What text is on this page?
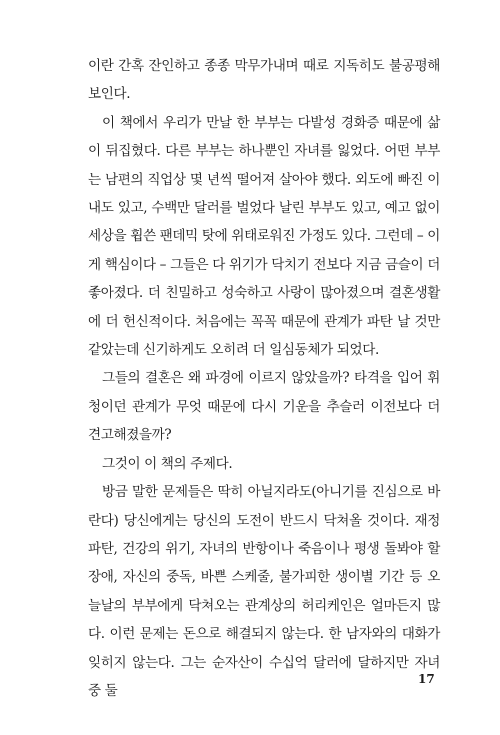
이란 간혹 잔인하고 종종 막무가내며 때로 지독히도 불공평해 보인다.

이 책에서 우리가 만날 한 부부는 다발성 경화증 때문에 삶이 뒤집혔다. 다른 부부는 하나뿐인 자녀를 잃었다. 어떤 부부는 남편의 직업상 몇 년씩 떨어져 살아야 했다. 외도에 빠진 이내도 있고, 수백만 달러를 벌었다 날린 부부도 있고, 예고 없이 세상을 휩쓴 팬데믹 탓에 위태로워진 가정도 있다. 그런데 – 이게 핵심이다 – 그들은 다 위기가 닥치기 전보다 지금 금슬이 더 좋아졌다. 더 친밀하고 성숙하고 사랑이 많아졌으며 결혼생활에 더 헌신적이다. 처음에는 꼭꼭 때문에 관계가 파탄 날 것만 같았는데 신기하게도 오히려 더 일심동체가 되었다.

그들의 결혼은 왜 파경에 이르지 않았을까? 타격을 입어 휘청이던 관계가 무엇 때문에 다시 기운을 추슬러 이전보다 더 견고해졌을까?

그것이 이 책의 주제다.

방금 말한 문제들은 딱히 아닐지라도(아니기를 진심으로 바란다) 당신에게는 당신의 도전이 반드시 닥쳐올 것이다. 재정 파탄, 건강의 위기, 자녀의 반항이나 죽음이나 평생 돌봐야 할 장애, 자신의 중독, 바쁜 스케줄, 불가피한 생이별 기간 등 오늘날의 부부에게 닥쳐오는 관계상의 허리케인은 얼마든지 많다. 이런 문제는 돈으로 해결되지 않는다. 한 남자와의 대화가 잊히지 않는다. 그는 순자산이 수십억 달러에 달하지만 자녀 중 둘

17
